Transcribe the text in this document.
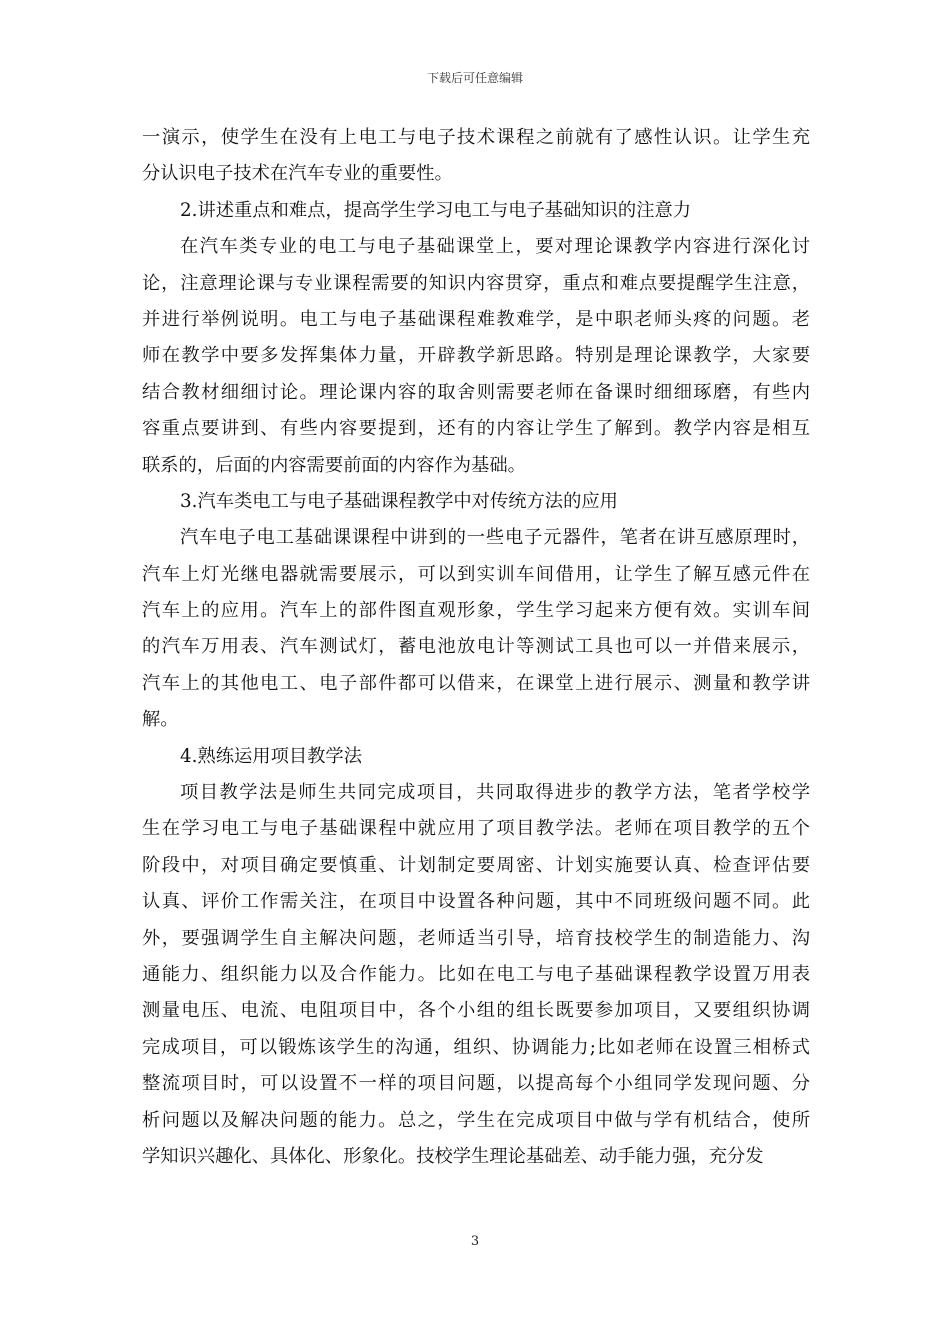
下载后可任意编辑
一演示，使学生在没有上电工与电子技术课程之前就有了感性认识。让学生充
分认识电子技术在汽车专业的重要性。
2.讲述重点和难点，提高学生学习电工与电子基础知识的注意力
在汽车类专业的电工与电子基础课堂上，要对理论课教学内容进行深化讨
论，注意理论课与专业课程需要的知识内容贯穿，重点和难点要提醒学生注意，
并进行举例说明。电工与电子基础课程难教难学，是中职老师头疼的问题。老
师在教学中要多发挥集体力量，开辟教学新思路。特别是理论课教学，大家要
结合教材细细讨论。理论课内容的取舍则需要老师在备课时细细琢磨，有些内
容重点要讲到、有些内容要提到，还有的内容让学生了解到。教学内容是相互
联系的，后面的内容需要前面的内容作为基础。
3.汽车类电工与电子基础课程教学中对传统方法的应用
汽车电子电工基础课课程中讲到的一些电子元器件，笔者在讲互感原理时，
汽车上灯光继电器就需要展示，可以到实训车间借用，让学生了解互感元件在
汽车上的应用。汽车上的部件图直观形象，学生学习起来方便有效。实训车间
的汽车万用表、汽车测试灯，蓄电池放电计等测试工具也可以一并借来展示，
汽车上的其他电工、电子部件都可以借来，在课堂上进行展示、测量和教学讲
解。
4.熟练运用项目教学法
项目教学法是师生共同完成项目，共同取得进步的教学方法，笔者学校学
生在学习电工与电子基础课程中就应用了项目教学法。老师在项目教学的五个
阶段中，对项目确定要慎重、计划制定要周密、计划实施要认真、检查评估要
认真、评价工作需关注，在项目中设置各种问题，其中不同班级问题不同。此
外，要强调学生自主解决问题，老师适当引导，培育技校学生的制造能力、沟
通能力、组织能力以及合作能力。比如在电工与电子基础课程教学设置万用表
测量电压、电流、电阻项目中，各个小组的组长既要参加项目，又要组织协调
完成项目，可以锻炼该学生的沟通，组织、协调能力;比如老师在设置三相桥式
整流项目时，可以设置不一样的项目问题，以提高每个小组同学发现问题、分
析问题以及解决问题的能力。总之，学生在完成项目中做与学有机结合，使所
学知识兴趣化、具体化、形象化。技校学生理论基础差、动手能力强，充分发
3
